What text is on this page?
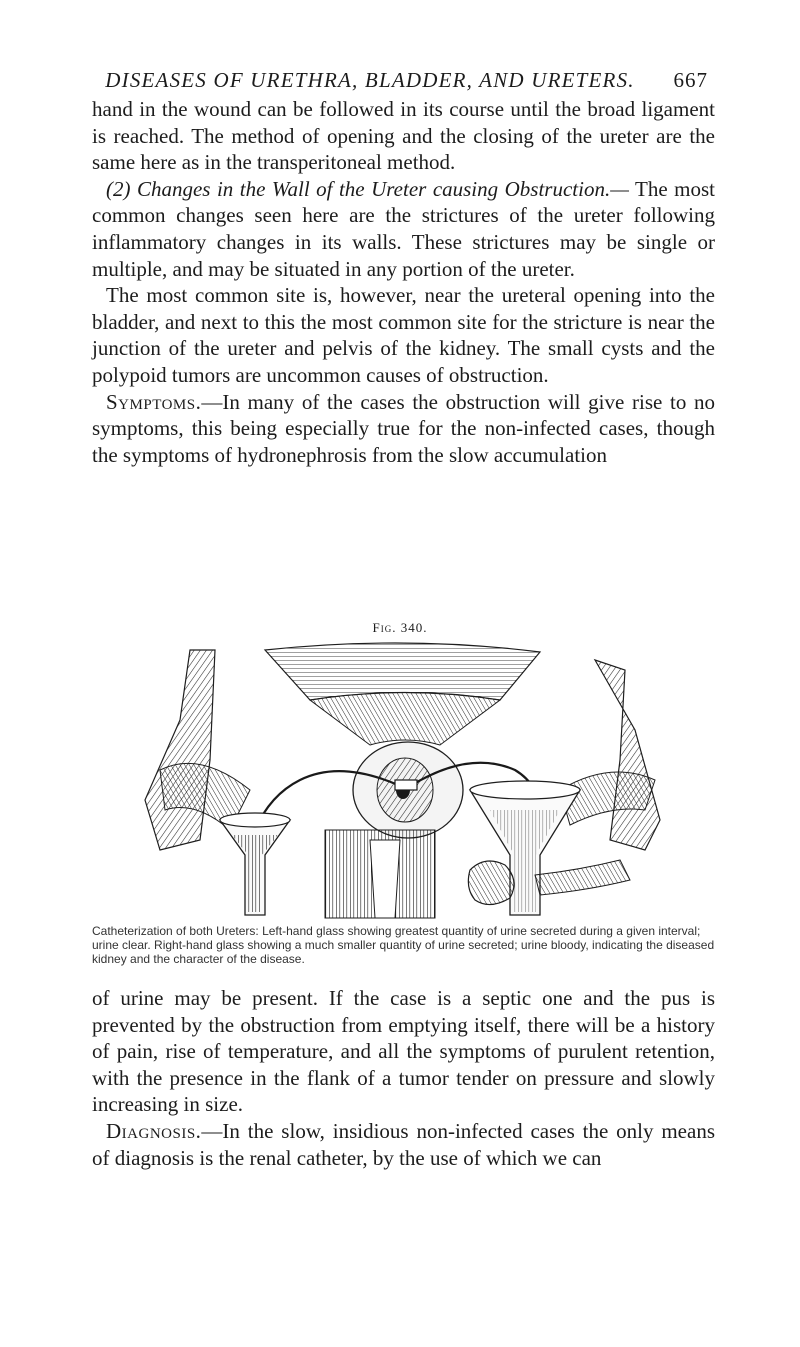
DISEASES OF URETHRA, BLADDER, AND URETERS.	667

hand in the wound can be followed in its course until the broad ligament is reached. The method of opening and the closing of the ureter are the same here as in the transperitoneal method.

(2) Changes in the Wall of the Ureter causing Obstruction.— The most common changes seen here are the strictures of the ureter following inflammatory changes in its walls. These strictures may be single or multiple, and may be situated in any portion of the ureter.

The most common site is, however, near the ureteral opening into the bladder, and next to this the most common site for the stricture is near the junction of the ureter and pelvis of the kidney. The small cysts and the polypoid tumors are uncommon causes of obstruction.

Symptoms.—In many of the cases the obstruction will give rise to no symptoms, this being especially true for the non-infected cases, though the symptoms of hydronephrosis from the slow accumulation

Fig. 340.
Catheterization of both Ureters: Left-hand glass showing greatest quantity of urine secreted during a given interval; urine clear. Right-hand glass showing a much smaller quantity of urine secreted; urine bloody, indicating the diseased kidney and the character of the disease.

of urine may be present. If the case is a septic one and the pus is prevented by the obstruction from emptying itself, there will be a history of pain, rise of temperature, and all the symptoms of purulent retention, with the presence in the flank of a tumor tender on pressure and slowly increasing in size.

Diagnosis.—In the slow, insidious non-infected cases the only means of diagnosis is the renal catheter, by the use of which we can
